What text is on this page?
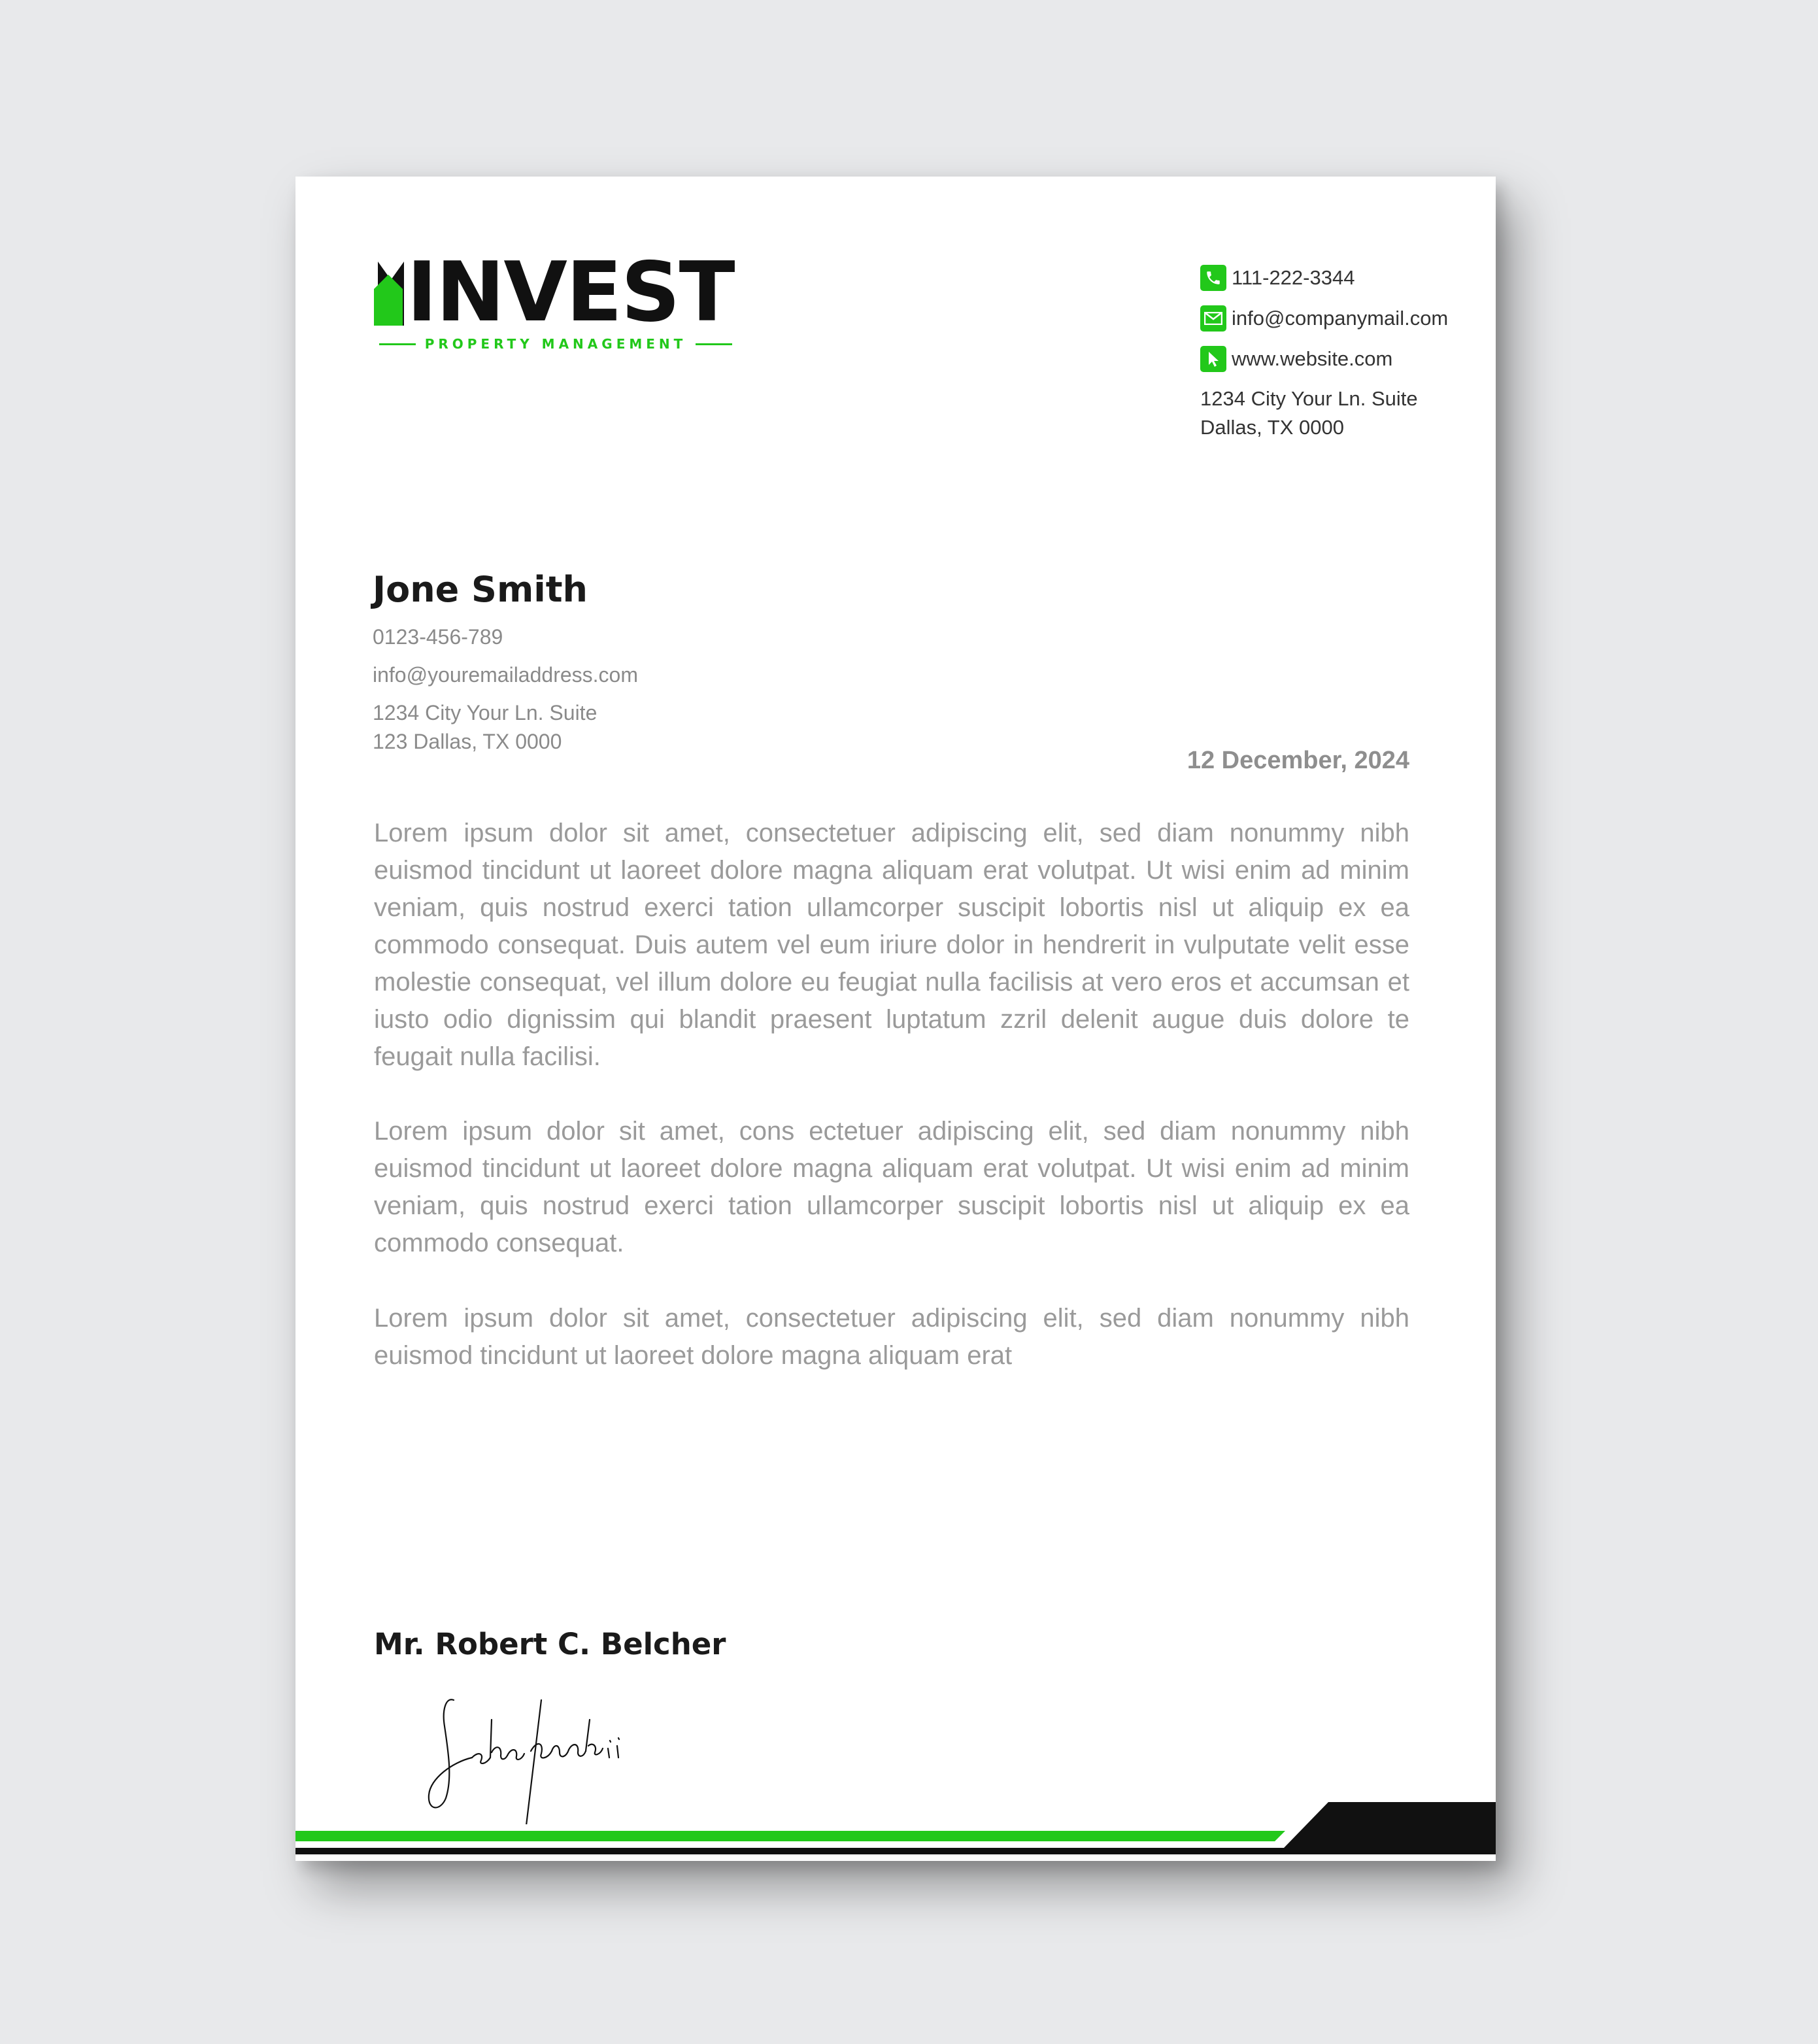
INVEST
PROPERTY MANAGEMENT
111-222-3344
info@companymail.com
www.website.com
1234 City Your Ln. Suite
Dallas, TX 0000
Jone Smith
0123-456-789
info@youremailaddress.com
1234 City Your Ln. Suite
123 Dallas, TX 0000
12 December, 2024

Lorem ipsum dolor sit amet, consectetuer adipiscing elit, sed diam nonummy nibh euismod tincidunt ut laoreet dolore magna aliquam erat volutpat. Ut wisi enim ad minim veniam, quis nostrud exerci tation ullamcorper suscipit lobortis nisl ut aliquip ex ea commodo consequat. Duis autem vel eum iriure dolor in hendrerit in vulputate velit esse molestie consequat, vel illum dolore eu feugiat nulla facilisis at vero eros et accumsan et iusto odio dignissim qui blandit praesent luptatum zzril delenit augue duis dolore te feugait nulla facilisi.

Lorem ipsum dolor sit amet, cons ectetuer adipiscing elit, sed diam nonummy nibh euismod tincidunt ut laoreet dolore magna aliquam erat volutpat. Ut wisi enim ad minim veniam, quis nostrud exerci tation ullamcorper suscipit lobortis nisl ut aliquip ex ea commodo consequat.

Lorem ipsum dolor sit amet, consectetuer adipiscing elit, sed diam nonummy nibh euismod tincidunt ut laoreet dolore magna aliquam erat

Mr. Robert C. Belcher
